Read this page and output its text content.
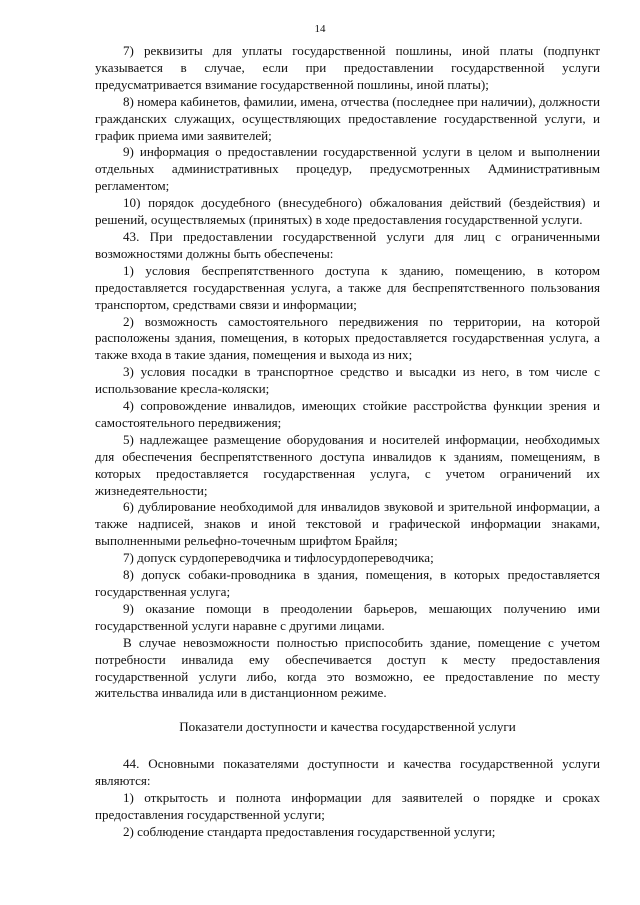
14

7) реквизиты для уплаты государственной пошлины, иной платы (подпункт указывается в случае, если при предоставлении государственной услуги предусматривается взимание государственной пошлины, иной платы);

8) номера кабинетов, фамилии, имена, отчества (последнее при наличии), должности гражданских служащих, осуществляющих предоставление государственной услуги, и график приема ими заявителей;

9) информация о предоставлении государственной услуги в целом и выполнении отдельных административных процедур, предусмотренных Административным регламентом;

10) порядок досудебного (внесудебного) обжалования действий (бездействия) и решений, осуществляемых (принятых) в ходе предоставления государственной услуги.

43. При предоставлении государственной услуги для лиц с ограниченными возможностями должны быть обеспечены:

1) условия беспрепятственного доступа к зданию, помещению, в котором предоставляется государственная услуга, а также для беспрепятственного пользования транспортом, средствами связи и информации;

2) возможность самостоятельного передвижения по территории, на которой расположены здания, помещения, в которых предоставляется государственная услуга, а также входа в такие здания, помещения и выхода из них;

3) условия посадки в транспортное средство и высадки из него, в том числе с использование кресла-коляски;

4) сопровождение инвалидов, имеющих стойкие расстройства функции зрения и самостоятельного передвижения;

5) надлежащее размещение оборудования и носителей информации, необходимых для обеспечения беспрепятственного доступа инвалидов к зданиям, помещениям, в которых предоставляется государственная услуга, с учетом ограничений их жизнедеятельности;

6) дублирование необходимой для инвалидов звуковой и зрительной информации, а также надписей, знаков и иной текстовой и графической информации знаками, выполненными рельефно-точечным шрифтом Брайля;

7) допуск сурдопереводчика и тифлосурдопереводчика;

8) допуск собаки-проводника в здания, помещения, в которых предоставляется государственная услуга;

9) оказание помощи в преодолении барьеров, мешающих получению ими государственной услуги наравне с другими лицами.

В случае невозможности полностью приспособить здание, помещение с учетом потребности инвалида ему обеспечивается доступ к месту предоставления государственной услуги либо, когда это возможно, ее предоставление по месту жительства инвалида или в дистанционном режиме.

Показатели доступности и качества государственной услуги

44. Основными показателями доступности и качества государственной услуги являются:

1) открытость и полнота информации для заявителей о порядке и сроках предоставления государственной услуги;

2) соблюдение стандарта предоставления государственной услуги;
